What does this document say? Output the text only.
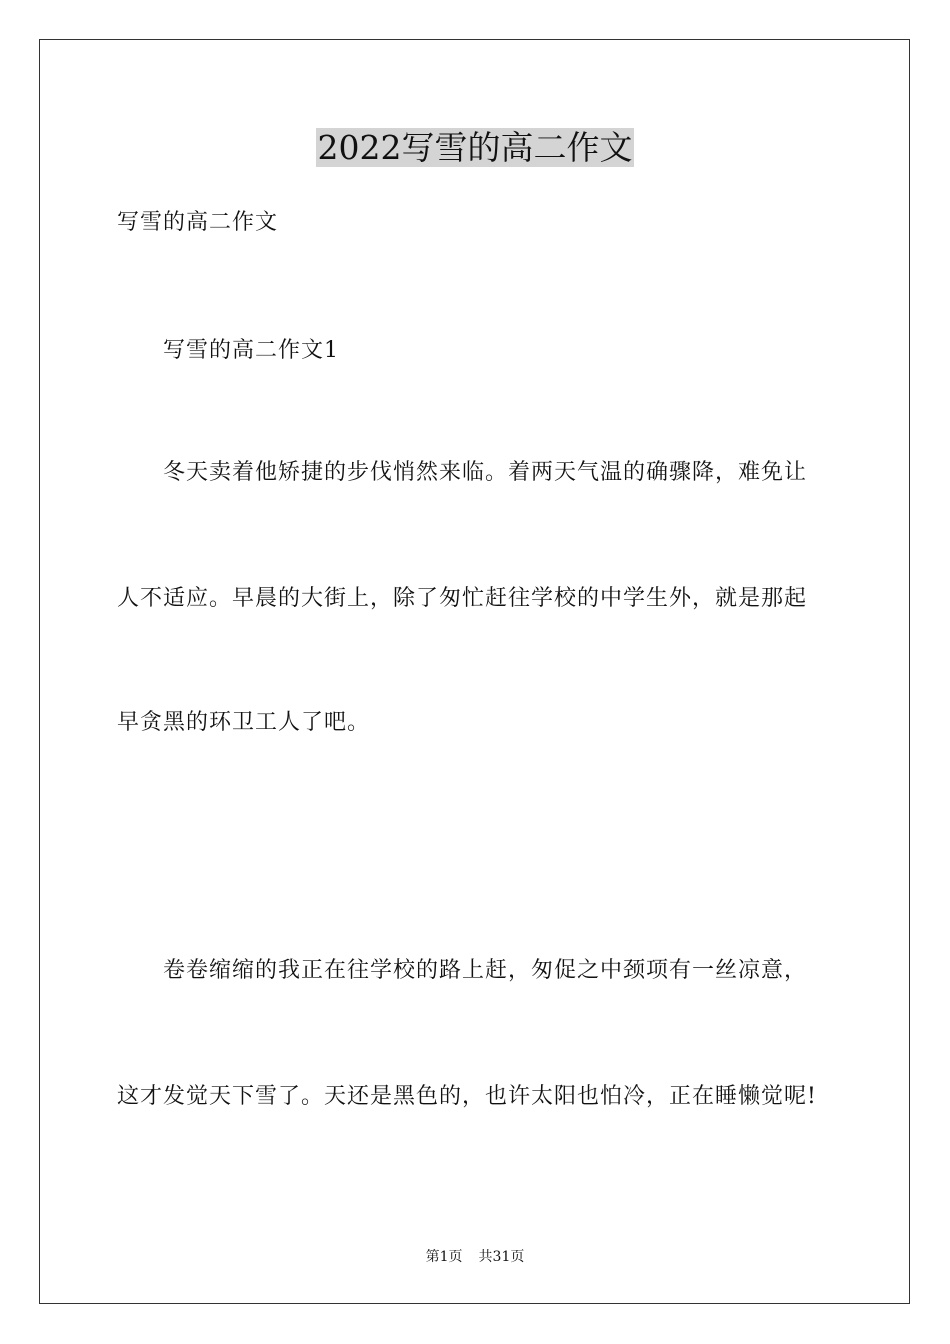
2022写雪的高二作文

写雪的高二作文

写雪的高二作文1

冬天卖着他矫捷的步伐悄然来临。着两天气温的确骤降，难免让

人不适应。早晨的大街上，除了匆忙赶往学校的中学生外，就是那起

早贪黑的环卫工人了吧。

卷卷缩缩的我正在往学校的路上赶，匆促之中颈项有一丝凉意，

这才发觉天下雪了。天还是黑色的，也许太阳也怕冷，正在睡懒觉呢!

第1页 共31页
